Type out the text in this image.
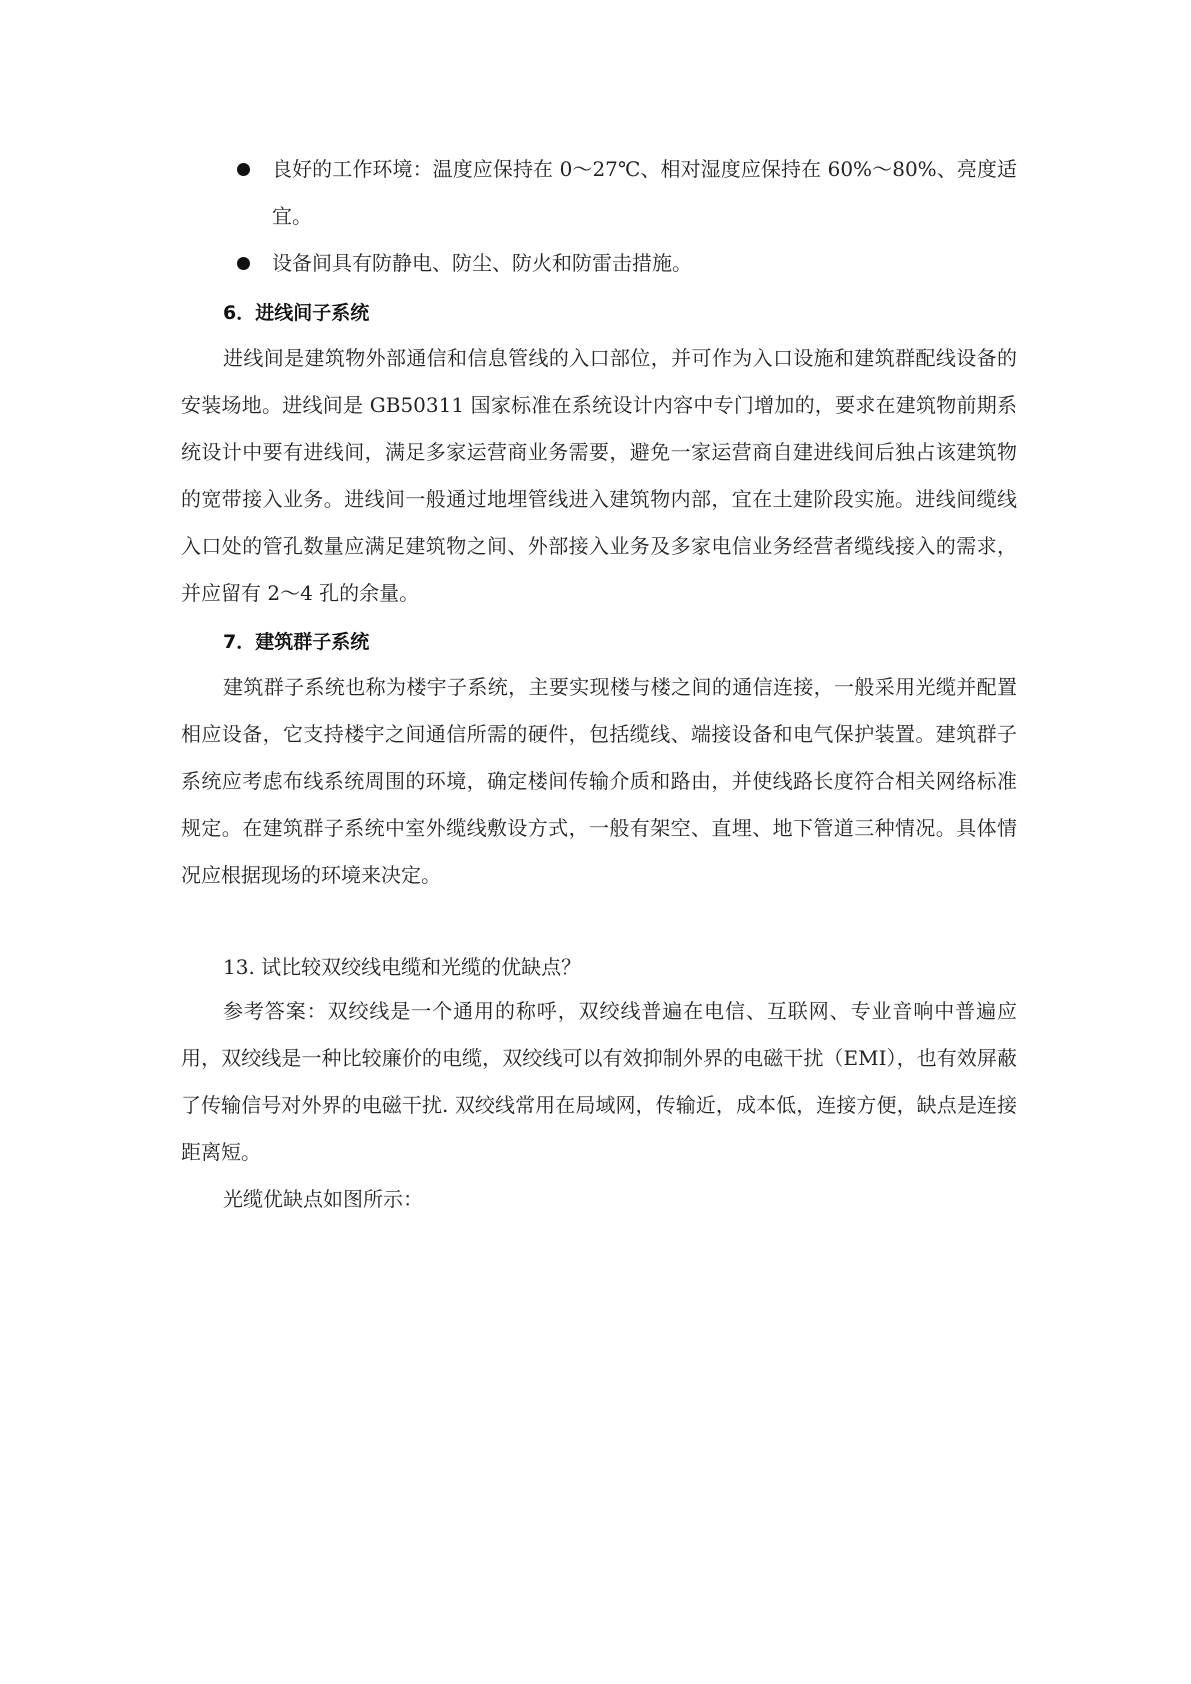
良好的工作环境：温度应保持在 0～27℃、相对湿度应保持在 60%～80%、亮度适宜。
设备间具有防静电、防尘、防火和防雷击措施。
6．进线间子系统

进线间是建筑物外部通信和信息管线的入口部位，并可作为入口设施和建筑群配线设备的安装场地。进线间是 GB50311 国家标准在系统设计内容中专门增加的，要求在建筑物前期系统设计中要有进线间，满足多家运营商业务需要，避免一家运营商自建进线间后独占该建筑物的宽带接入业务。进线间一般通过地埋管线进入建筑物内部，宜在土建阶段实施。进线间缆线入口处的管孔数量应满足建筑物之间、外部接入业务及多家电信业务经营者缆线接入的需求，并应留有 2～4 孔的余量。

7．建筑群子系统

建筑群子系统也称为楼宇子系统，主要实现楼与楼之间的通信连接，一般采用光缆并配置相应设备，它支持楼宇之间通信所需的硬件，包括缆线、端接设备和电气保护装置。建筑群子系统应考虑布线系统周围的环境，确定楼间传输介质和路由，并使线路长度符合相关网络标准规定。在建筑群子系统中室外缆线敷设方式，一般有架空、直埋、地下管道三种情况。具体情况应根据现场的环境来决定。

13. 试比较双绞线电缆和光缆的优缺点？

参考答案：双绞线是一个通用的称呼，双绞线普遍在电信、互联网、专业音响中普遍应用，双绞线是一种比较廉价的电缆，双绞线可以有效抑制外界的电磁干扰（EMI），也有效屏蔽了传输信号对外界的电磁干扰. 双绞线常用在局域网，传输近，成本低，连接方便，缺点是连接距离短。

光缆优缺点如图所示：
